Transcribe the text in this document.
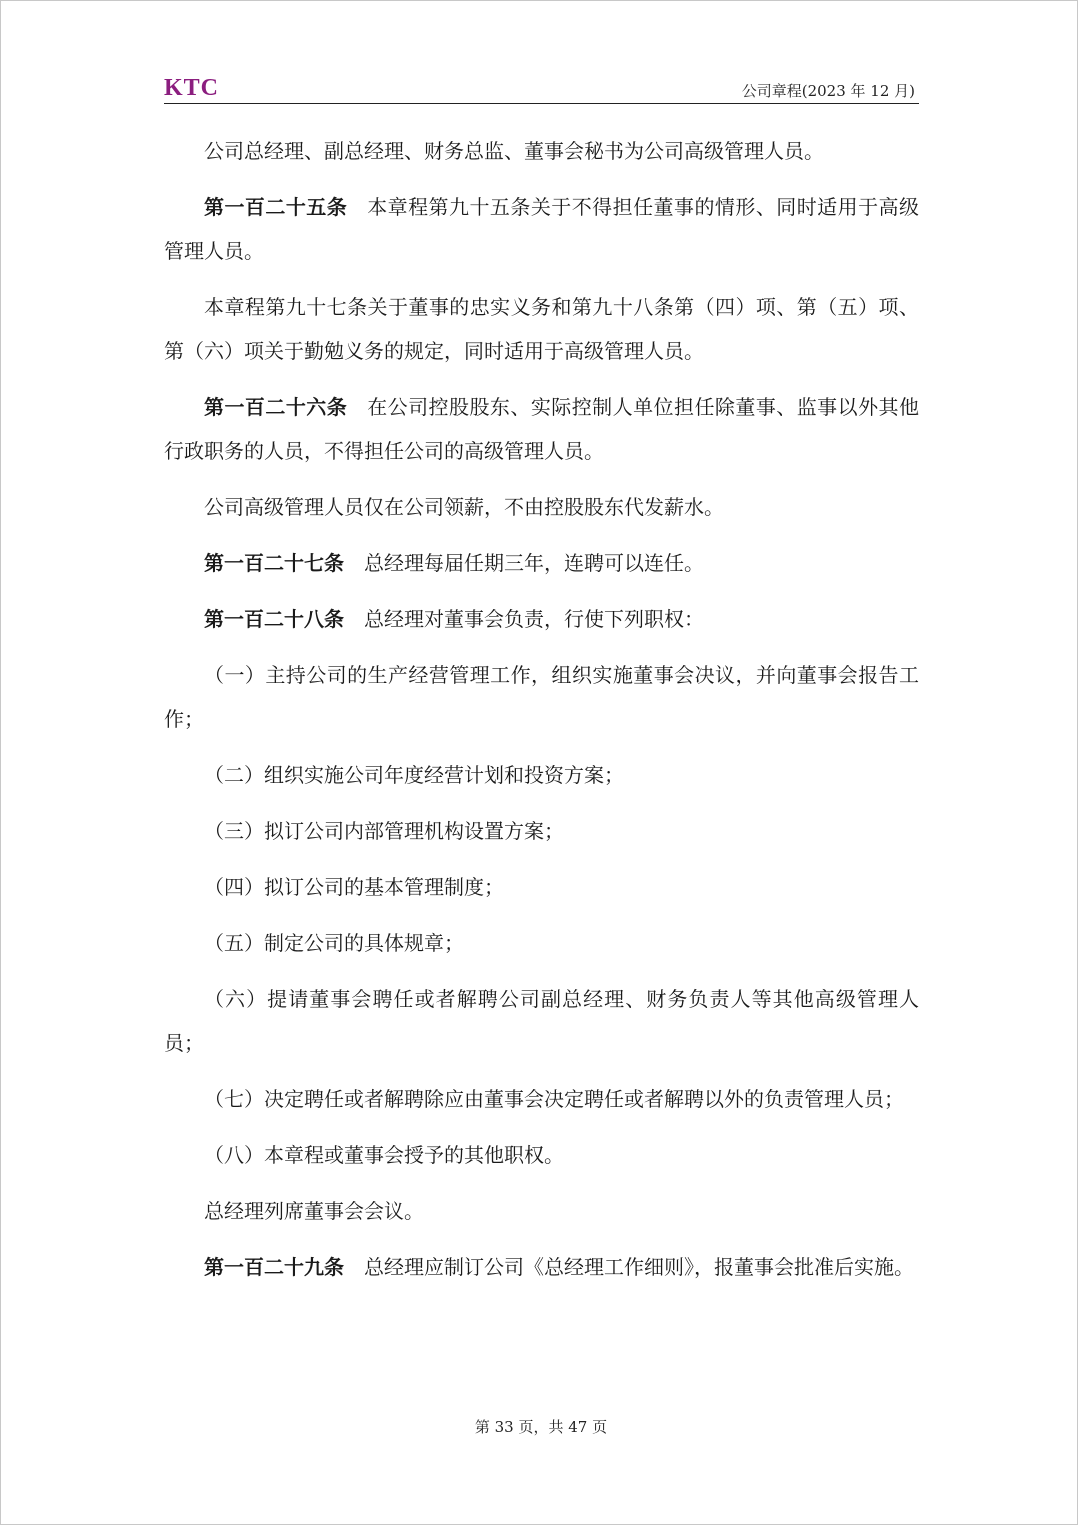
KTC	公司章程(2023 年 12 月)

公司总经理、副总经理、财务总监、董事会秘书为公司高级管理人员。

第一百二十五条 本章程第九十五条关于不得担任董事的情形、同时适用于高级管理人员。

本章程第九十七条关于董事的忠实义务和第九十八条第（四）项、第（五）项、第（六）项关于勤勉义务的规定，同时适用于高级管理人员。

第一百二十六条 在公司控股股东、实际控制人单位担任除董事、监事以外其他行政职务的人员，不得担任公司的高级管理人员。

公司高级管理人员仅在公司领薪，不由控股股东代发薪水。

第一百二十七条 总经理每届任期三年，连聘可以连任。

第一百二十八条 总经理对董事会负责，行使下列职权：

（一）主持公司的生产经营管理工作，组织实施董事会决议，并向董事会报告工作；

（二）组织实施公司年度经营计划和投资方案；

（三）拟订公司内部管理机构设置方案；

（四）拟订公司的基本管理制度；

（五）制定公司的具体规章；

（六）提请董事会聘任或者解聘公司副总经理、财务负责人等其他高级管理人员；

（七）决定聘任或者解聘除应由董事会决定聘任或者解聘以外的负责管理人员；

（八）本章程或董事会授予的其他职权。

总经理列席董事会会议。

第一百二十九条 总经理应制订公司《总经理工作细则》，报董事会批准后实施。

第 33 页，共 47 页
